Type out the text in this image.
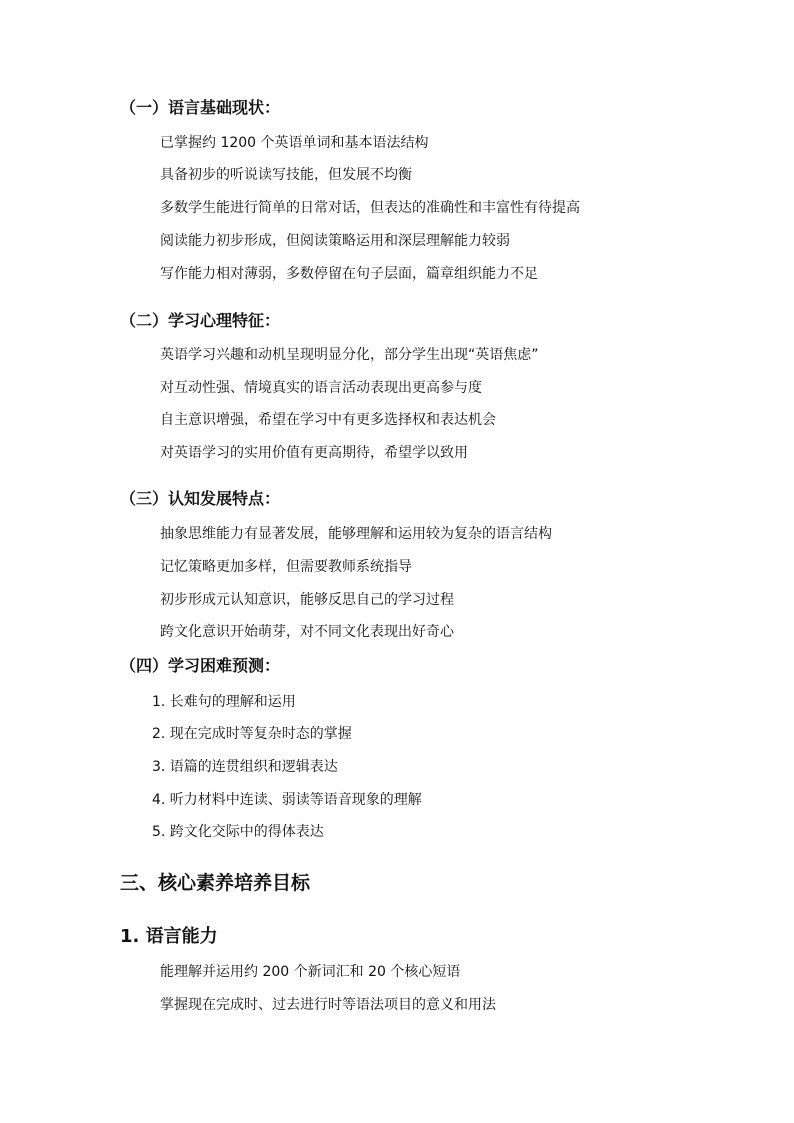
（一）语言基础现状：
已掌握约 1200 个英语单词和基本语法结构
具备初步的听说读写技能，但发展不均衡
多数学生能进行简单的日常对话，但表达的准确性和丰富性有待提高
阅读能力初步形成，但阅读策略运用和深层理解能力较弱
写作能力相对薄弱，多数停留在句子层面，篇章组织能力不足
（二）学习心理特征：
英语学习兴趣和动机呈现明显分化，部分学生出现“英语焦虑”
对互动性强、情境真实的语言活动表现出更高参与度
自主意识增强，希望在学习中有更多选择权和表达机会
对英语学习的实用价值有更高期待，希望学以致用
（三）认知发展特点：
抽象思维能力有显著发展，能够理解和运用较为复杂的语言结构
记忆策略更加多样，但需要教师系统指导
初步形成元认知意识，能够反思自己的学习过程
跨文化意识开始萌芽，对不同文化表现出好奇心
（四）学习困难预测：
1. 长难句的理解和运用
2. 现在完成时等复杂时态的掌握
3. 语篇的连贯组织和逻辑表达
4. 听力材料中连读、弱读等语音现象的理解
5. 跨文化交际中的得体表达
三、核心素养培养目标
1. 语言能力
能理解并运用约 200 个新词汇和 20 个核心短语
掌握现在完成时、过去进行时等语法项目的意义和用法
